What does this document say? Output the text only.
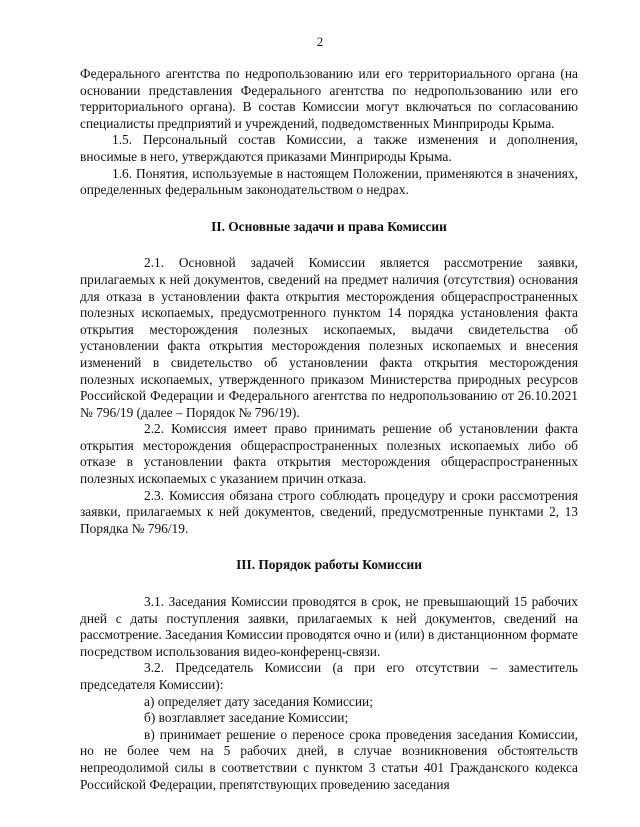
2

Федерального агентства по недропользованию или его территориального органа (на основании представления Федерального агентства по недропользованию или его территориального органа). В состав Комиссии могут включаться по согласованию специалисты предприятий и учреждений, подведомственных Минприроды Крыма.

1.5. Персональный состав Комиссии, а также изменения и дополнения, вносимые в него, утверждаются приказами Минприроды Крыма.

1.6. Понятия, используемые в настоящем Положении, применяются в значениях, определенных федеральным законодательством о недрах.

II. Основные задачи и права Комиссии

2.1. Основной задачей Комиссии является рассмотрение заявки, прилагаемых к ней документов, сведений на предмет наличия (отсутствия) основания для отказа в установлении факта открытия месторождения общераспространенных полезных ископаемых, предусмотренного пунктом 14 порядка установления факта открытия месторождения полезных ископаемых, выдачи свидетельства об установлении факта открытия месторождения полезных ископаемых и внесения изменений в свидетельство об установлении факта открытия месторождения полезных ископаемых, утвержденного приказом Министерства природных ресурсов Российской Федерации и Федерального агентства по недропользованию от 26.10.2021 № 796/19 (далее – Порядок № 796/19).

2.2. Комиссия имеет право принимать решение об установлении факта открытия месторождения общераспространенных полезных ископаемых либо об отказе в установлении факта открытия месторождения общераспространенных полезных ископаемых с указанием причин отказа.

2.3. Комиссия обязана строго соблюдать процедуру и сроки рассмотрения заявки, прилагаемых к ней документов, сведений, предусмотренные пунктами 2, 13 Порядка № 796/19.

III. Порядок работы Комиссии

3.1. Заседания Комиссии проводятся в срок, не превышающий 15 рабочих дней с даты поступления заявки, прилагаемых к ней документов, сведений на рассмотрение. Заседания Комиссии проводятся очно и (или) в дистанционном формате посредством использования видео-конференц-связи.

3.2. Председатель Комиссии (а при его отсутствии – заместитель председателя Комиссии):

а) определяет дату заседания Комиссии;

б) возглавляет заседание Комиссии;

в) принимает решение о переносе срока проведения заседания Комиссии, но не более чем на 5 рабочих дней, в случае возникновения обстоятельств непреодолимой силы в соответствии с пунктом 3 статьи 401 Гражданского кодекса Российской Федерации, препятствующих проведению заседания
